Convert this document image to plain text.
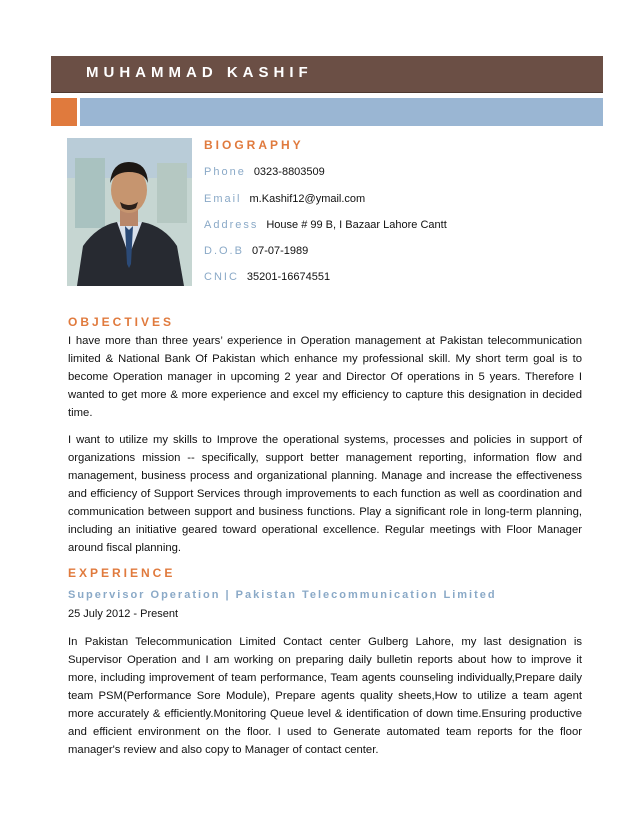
MUHAMMAD KASHIF
BIOGRAPHY
Phone 0323-8803509
Email m.Kashif12@ymail.com
Address House # 99 B, I Bazaar Lahore Cantt
D.O.B 07-07-1989
CNIC 35201-16674551
OBJECTIVES
I have more than three years’ experience in Operation management at Pakistan telecommunication limited & National Bank Of Pakistan which enhance my professional skill. My short term goal is to become Operation manager in upcoming 2 year and Director Of operations in 5 years. Therefore I wanted to get more & more experience and excel my efficiency to capture this designation in decided time.
I want to utilize my skills to Improve the operational systems, processes and policies in support of organizations mission -- specifically, support better management reporting, information flow and management, business process and organizational planning. Manage and increase the effectiveness and efficiency of Support Services through improvements to each function as well as coordination and communication between support and business functions. Play a significant role in long-term planning, including an initiative geared toward operational excellence. Regular meetings with Floor Manager around fiscal planning.
EXPERIENCE
Supervisor Operation | Pakistan Telecommunication Limited
25 July 2012 - Present
In Pakistan Telecommunication Limited Contact center Gulberg Lahore, my last designation is Supervisor Operation and I am working on preparing daily bulletin reports about how to improve it more, including improvement of team performance, Team agents counseling individually,Prepare daily team PSM(Performance Sore Module), Prepare agents quality sheets,How to utilize a team agent more accurately & efficiently.Monitoring Queue level & identification of down time.Ensuring productive and efficient environment on the floor. I used to Generate automated team reports for the floor manager's review and also copy to Manager of contact center.
